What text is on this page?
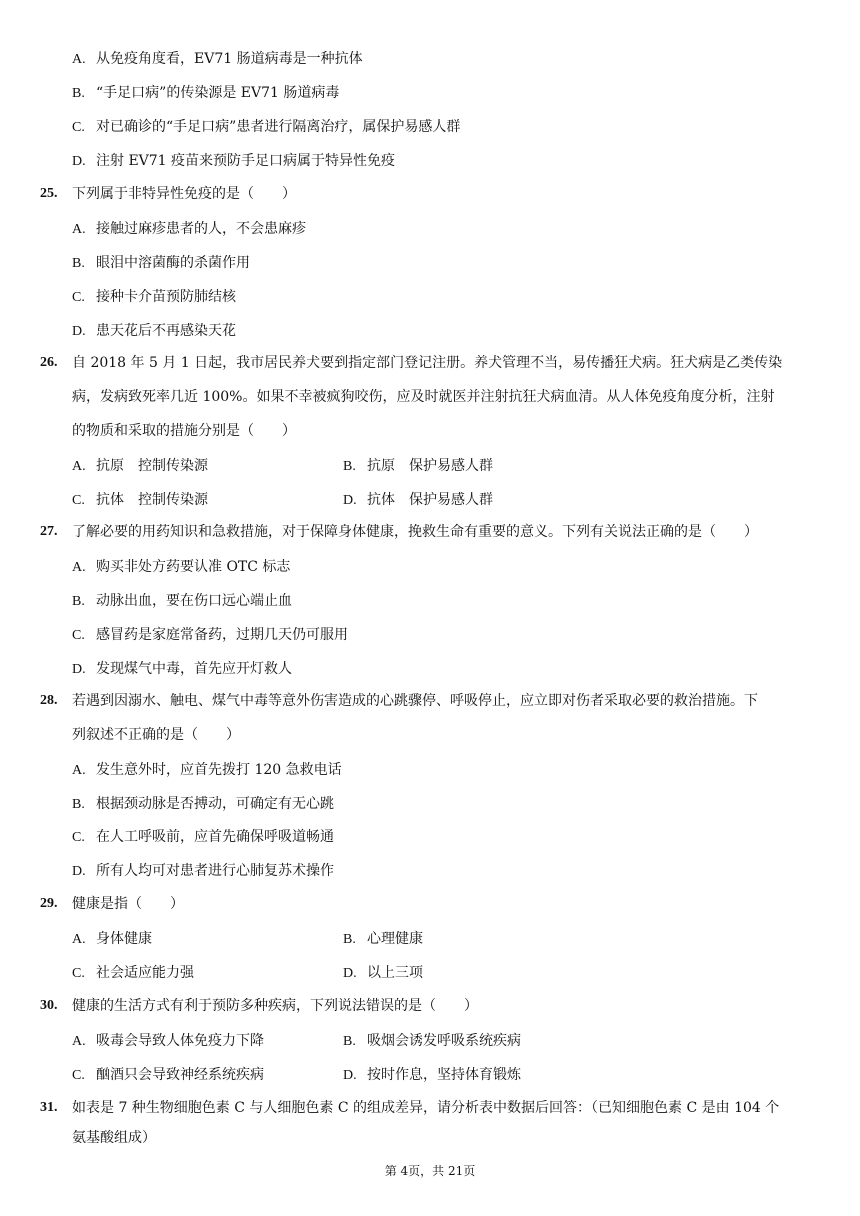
A. 从免疫角度看，EV71 肠道病毒是一种抗体
B. “手足口病”的传染源是 EV71 肠道病毒
C. 对已确诊的“手足口病”患者进行隔离治疗，属保护易感人群
D. 注射 EV71 疫苗来预防手足口病属于特异性免疫
25. 下列属于非特异性免疫的是（　　）
A. 接触过麻疹患者的人，不会患麻疹
B. 眼泪中溶菌酶的杀菌作用
C. 接种卡介苗预防肺结核
D. 患天花后不再感染天花
26. 自 2018 年 5 月 1 日起，我市居民养犬要到指定部门登记注册。养犬管理不当，易传播狂犬病。狂犬病是乙类传染
病，发病致死率几近 100%。如果不幸被疯狗咬伤，应及时就医并注射抗狂犬病血清。从人体免疫角度分析，注射
的物质和采取的措施分别是（　　）
A. 抗原　控制传染源	B. 抗原　保护易感人群
C. 抗体　控制传染源	D. 抗体　保护易感人群
27. 了解必要的用药知识和急救措施，对于保障身体健康，挽救生命有重要的意义。下列有关说法正确的是（　　）
A. 购买非处方药要认准 OTC 标志
B. 动脉出血，要在伤口远心端止血
C. 感冒药是家庭常备药，过期几天仍可服用
D. 发现煤气中毒，首先应开灯救人
28. 若遇到因溺水、触电、煤气中毒等意外伤害造成的心跳骤停、呼吸停止，应立即对伤者采取必要的救治措施。下
列叙述不正确的是（　　）
A. 发生意外时，应首先拨打 120 急救电话
B. 根据颈动脉是否搏动，可确定有无心跳
C. 在人工呼吸前，应首先确保呼吸道畅通
D. 所有人均可对患者进行心肺复苏术操作
29. 健康是指（　　）
A. 身体健康	B. 心理健康
C. 社会适应能力强	D. 以上三项
30. 健康的生活方式有利于预防多种疾病，下列说法错误的是（　　）
A. 吸毒会导致人体免疫力下降	B. 吸烟会诱发呼吸系统疾病
C. 酗酒只会导致神经系统疾病	D. 按时作息，坚持体育锻炼
31. 如表是 7 种生物细胞色素 C 与人细胞色素 C 的组成差异，请分析表中数据后回答：（已知细胞色素 C 是由 104 个
氨基酸组成）
第 4页，共 21页
